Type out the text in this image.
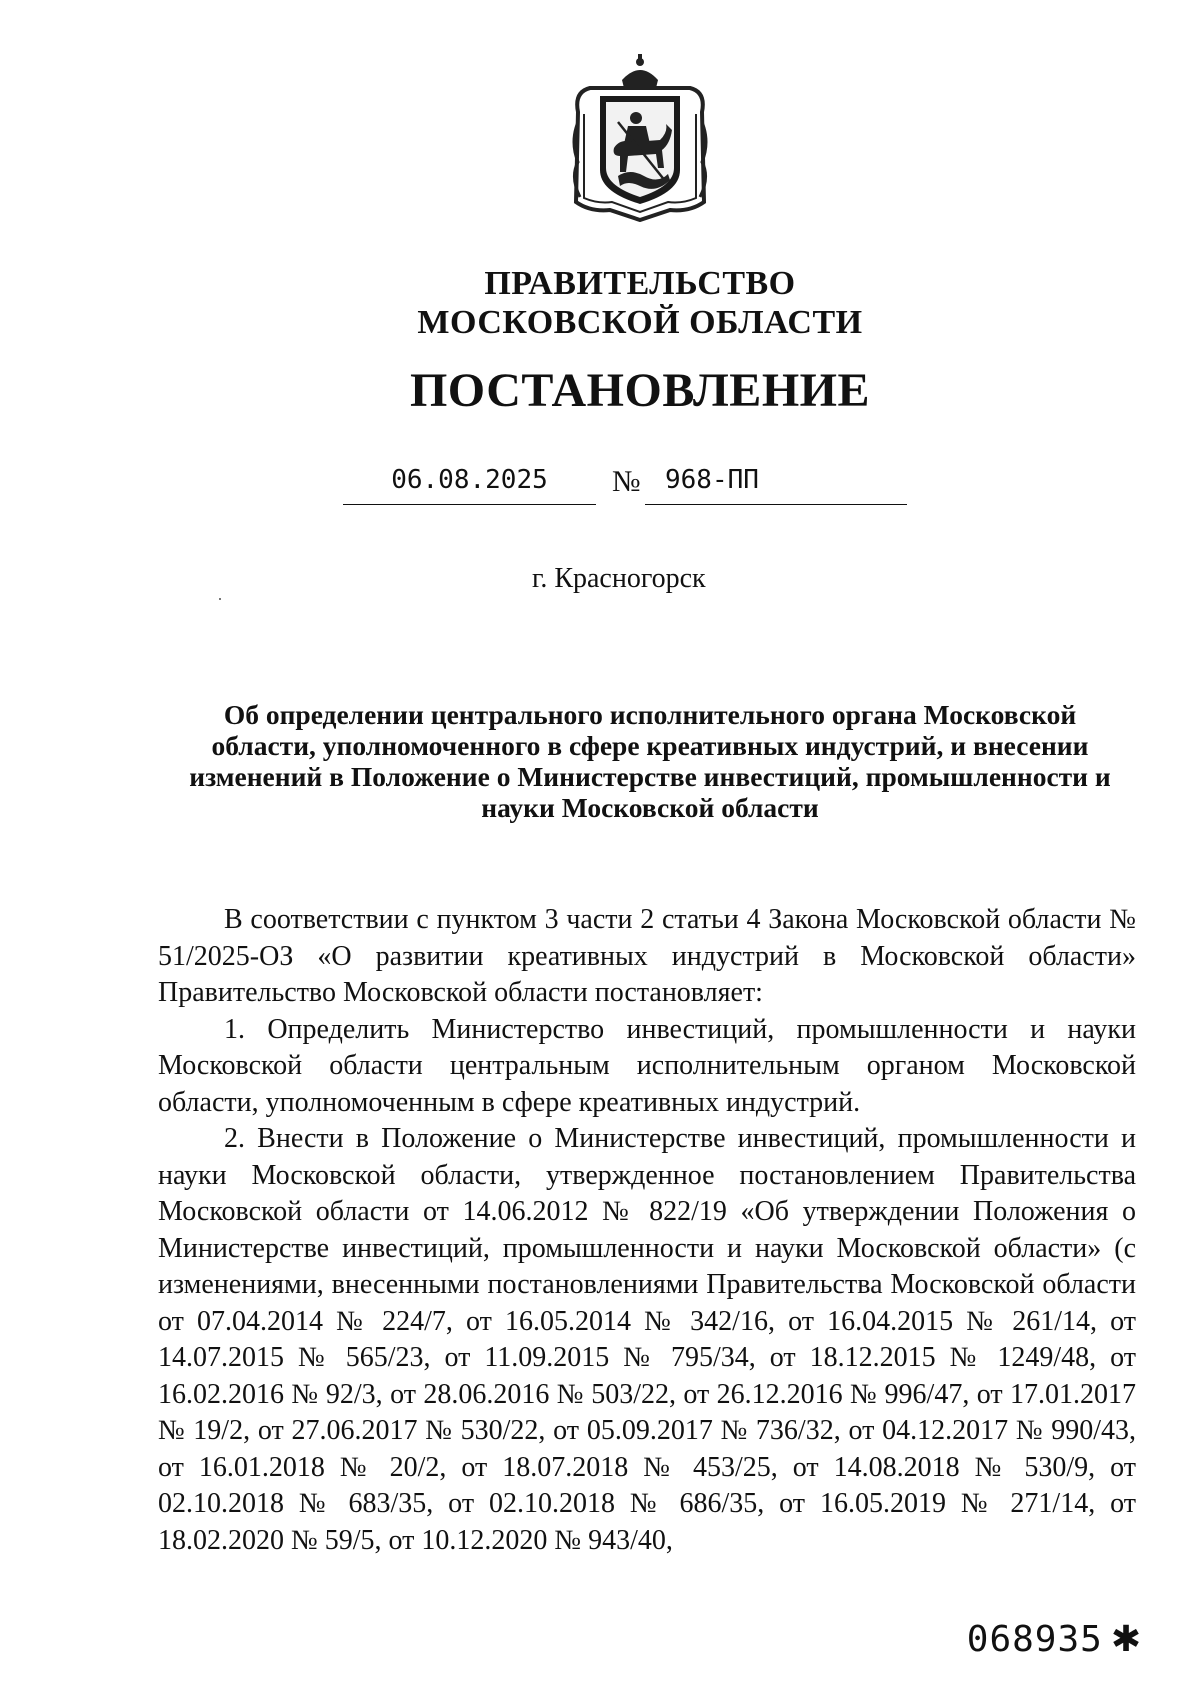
ПРАВИТЕЛЬСТВО
МОСКОВСКОЙ ОБЛАСТИ
ПОСТАНОВЛЕНИЕ
06.08.2025	№ 968-ПП
г. Красногорск
Об определении центрального исполнительного органа Московской области, уполномоченного в сфере креативных индустрий, и внесении изменений в Положение о Министерстве инвестиций, промышленности и науки Московской области

В соответствии с пунктом 3 части 2 статьи 4 Закона Московской области № 51/2025-ОЗ «О развитии креативных индустрий в Московской области» Правительство Московской области постановляет:

1. Определить Министерство инвестиций, промышленности и науки Московской области центральным исполнительным органом Московской области, уполномоченным в сфере креативных индустрий.

2. Внести в Положение о Министерстве инвестиций, промышленности и науки Московской области, утвержденное постановлением Правительства Московской области от 14.06.2012 № 822/19 «Об утверждении Положения о Министерстве инвестиций, промышленности и науки Московской области» (с изменениями, внесенными постановлениями Правительства Московской области от 07.04.2014 № 224/7, от 16.05.2014 № 342/16, от 16.04.2015 № 261/14, от 14.07.2015 № 565/23, от 11.09.2015 № 795/34, от 18.12.2015 № 1249/48, от 16.02.2016 № 92/3, от 28.06.2016 № 503/22, от 26.12.2016 № 996/47, от 17.01.2017 № 19/2, от 27.06.2017 № 530/22, от 05.09.2017 № 736/32, от 04.12.2017 № 990/43, от 16.01.2018 № 20/2, от 18.07.2018 № 453/25, от 14.08.2018 № 530/9, от 02.10.2018 № 683/35, от 02.10.2018 № 686/35, от 16.05.2019 № 271/14, от 18.02.2020 № 59/5, от 10.12.2020 № 943/40,

068935 ✱
